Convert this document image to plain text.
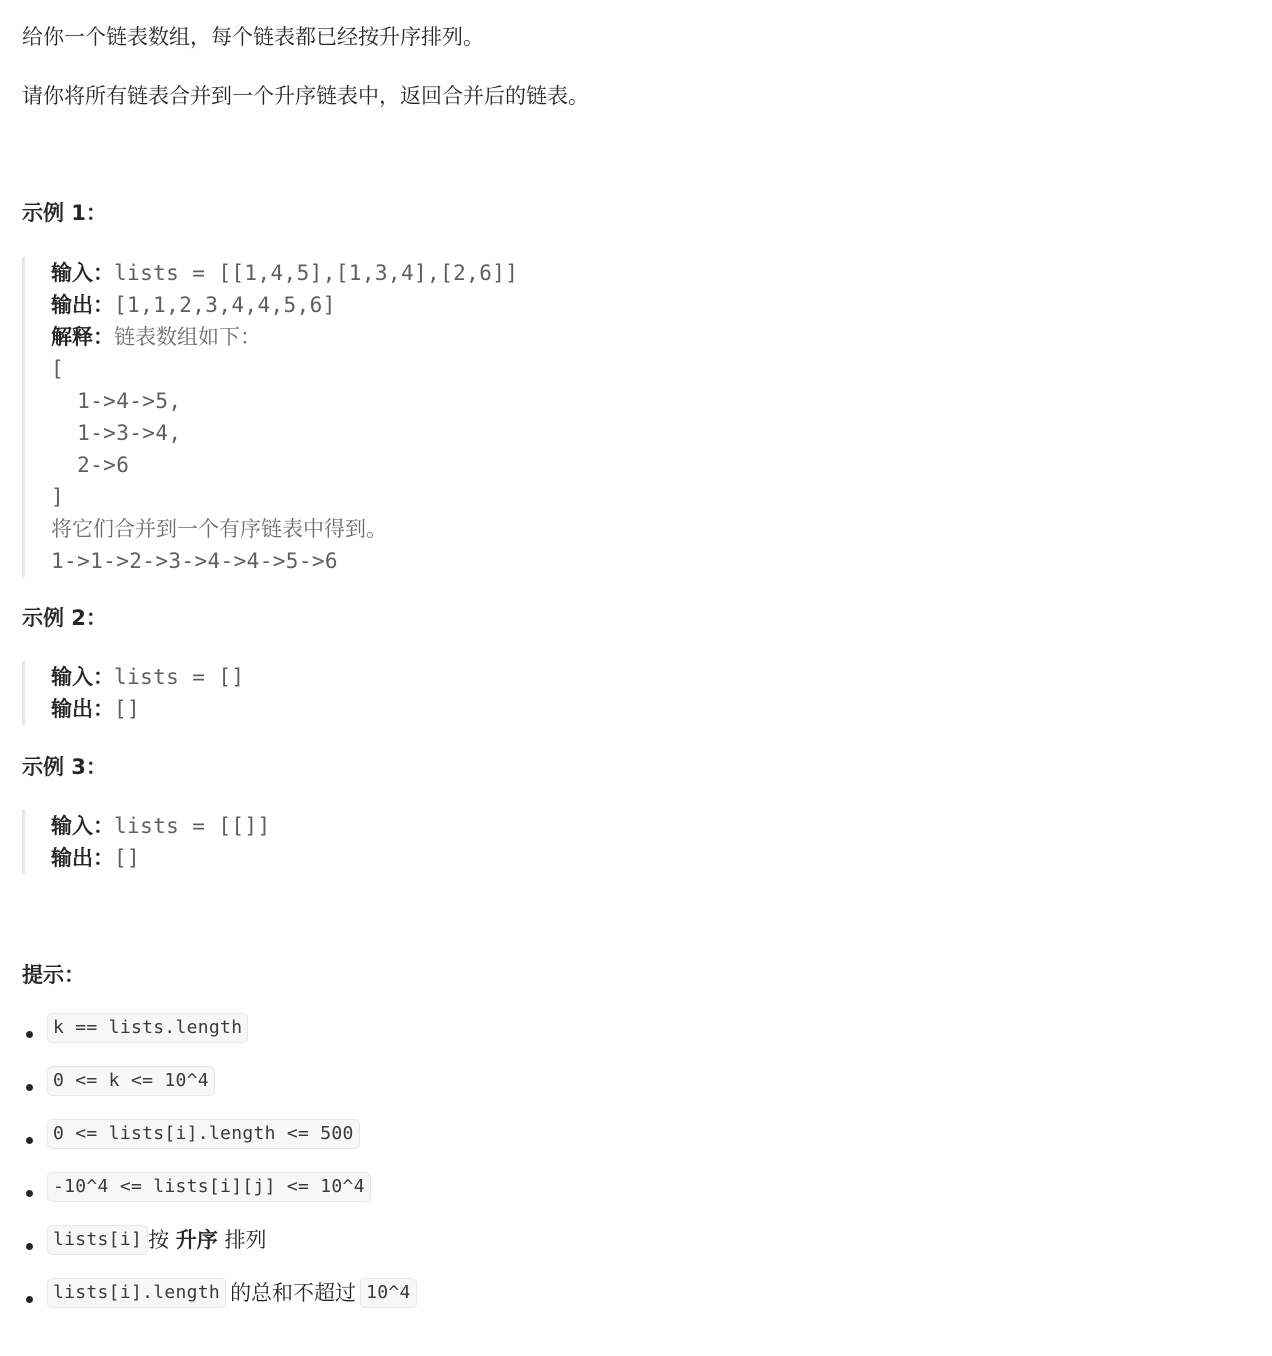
给你一个链表数组，每个链表都已经按升序排列。

请你将所有链表合并到一个升序链表中，返回合并后的链表。

示例 1：
输入：lists = [[1,4,5],[1,3,4],[2,6]]
输出：[1,1,2,3,4,4,5,6]
解释：链表数组如下：
[
1->4->5,
1->3->4,
2->6
]
将它们合并到一个有序链表中得到。
1->1->2->3->4->4->5->6
示例 2：
输入：lists = []
输出：[]
示例 3：
输入：lists = [[]]
输出：[]
提示：
k == lists.length
0 <= k <= 10^4
0 <= lists[i].length <= 500
-10^4 <= lists[i][j] <= 10^4
lists[i] 按 升序 排列
lists[i].length 的总和不超过 10^4
